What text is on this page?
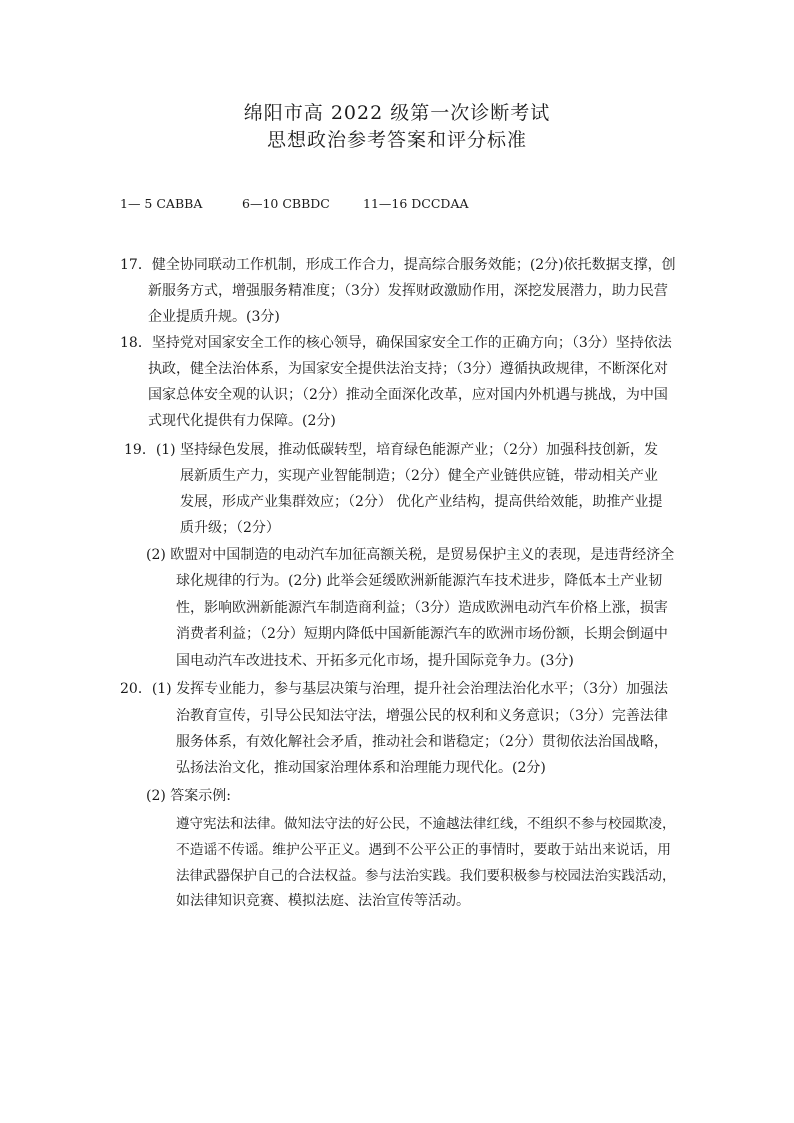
绵阳市高 2022 级第一次诊断考试
思想政治参考答案和评分标准
1— 5 CABBA	6—10 CBBDC	11—16 DCCDAA
17．健全协同联动工作机制，形成工作合力，提高综合服务效能；(2分)依托数据支撑，创
新服务方式，增强服务精准度；（3分）发挥财政激励作用，深挖发展潜力，助力民营
企业提质升规。(3分)
18．坚持党对国家安全工作的核心领导，确保国家安全工作的正确方向；（3分）坚持依法
执政，健全法治体系，为国家安全提供法治支持；（3分）遵循执政规律，不断深化对
国家总体安全观的认识；（2分）推动全面深化改革，应对国内外机遇与挑战，为中国
式现代化提供有力保障。(2分)
19．(1) 坚持绿色发展，推动低碳转型，培育绿色能源产业；（2分）加强科技创新，发
展新质生产力，实现产业智能制造；（2分）健全产业链供应链，带动相关产业
发展，形成产业集群效应；（2分） 优化产业结构，提高供给效能，助推产业提
质升级；（2分）
(2) 欧盟对中国制造的电动汽车加征高额关税，是贸易保护主义的表现，是违背经济全
球化规律的行为。(2分) 此举会延缓欧洲新能源汽车技术进步，降低本土产业韧
性，影响欧洲新能源汽车制造商利益；（3分）造成欧洲电动汽车价格上涨，损害
消费者利益；（2分）短期内降低中国新能源汽车的欧洲市场份额，长期会倒逼中
国电动汽车改进技术、开拓多元化市场，提升国际竞争力。(3分)
20．(1) 发挥专业能力，参与基层决策与治理，提升社会治理法治化水平；（3分）加强法
治教育宣传，引导公民知法守法，增强公民的权利和义务意识；（3分）完善法律
服务体系，有效化解社会矛盾，推动社会和谐稳定；（2分）贯彻依法治国战略，
弘扬法治文化，推动国家治理体系和治理能力现代化。(2分)
(2) 答案示例:
遵守宪法和法律。做知法守法的好公民，不逾越法律红线，不组织不参与校园欺凌，
不造谣不传谣。维护公平正义。遇到不公平公正的事情时，要敢于站出来说话，用
法律武器保护自己的合法权益。参与法治实践。我们要积极参与校园法治实践活动，
如法律知识竞赛、模拟法庭、法治宣传等活动。
